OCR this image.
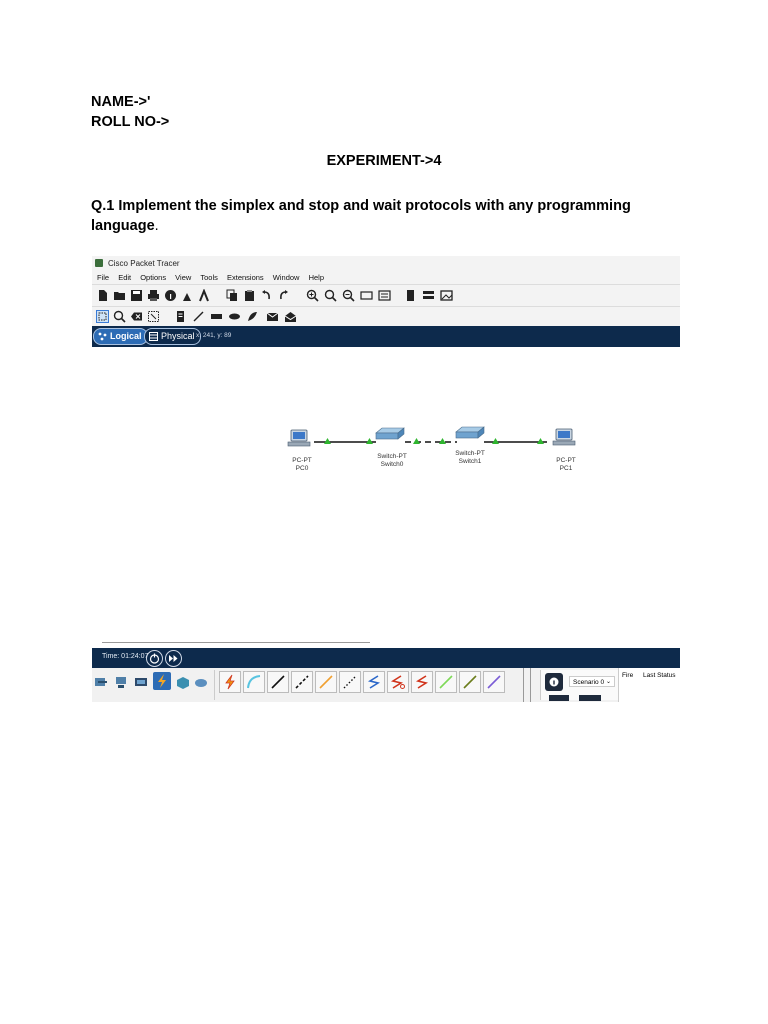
NAME->'
ROLL NO->
EXPERIMENT->4
Q.1 Implement the simplex and stop and wait protocols with any programming language.
Cisco Packet Tracer
File Edit Options View Tools Extensions Window Help
Logical	Physical x: 241, y: 89
PC-PT
PC0
Switch-PT
Switch0
Switch-PT
Switch1	PC-PT
PC1
Time: 01:24:07
Scenario 0 ⌄
Fire Last Status
